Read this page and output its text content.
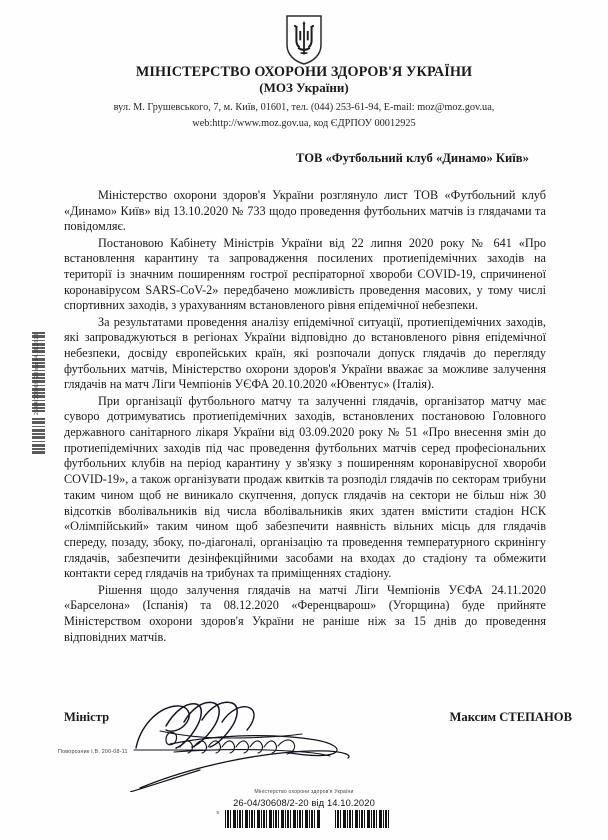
МІНІСТЕРСТВО ОХОРОНИ ЗДОРОВ'Я УКРАЇНИ
(МОЗ України)
вул. М. Грушевського, 7, м. Київ, 01601, тел. (044) 253-61-94, E-mail: moz@moz.gov.ua,
web:http://www.moz.gov.ua, код ЄДРПОУ 00012925
ТОВ «Футбольний клуб «Динамо» Київ»

Міністерство охорони здоров'я України розглянуло лист ТОВ «Футбольний клуб «Динамо» Київ» від 13.10.2020 № 733 щодо проведення футбольних матчів із глядачами та повідомляє.

Постановою Кабінету Міністрів України від 22 липня 2020 року № 641 «Про встановлення карантину та запровадження посилених протиепідемічних заходів на території із значним поширенням гострої респіраторної хвороби COVID-19, спричиненої коронавірусом SARS-CoV-2» передбачено можливість проведення масових, у тому числі спортивних заходів, з урахуванням встановленого рівня епідемічної небезпеки.

За результатами проведення аналізу епідемічної ситуації, протиепідемічних заходів, які запроваджуються в регіонах України відповідно до встановленого рівня епідемічної небезпеки, досвіду європейських країн, які розпочали допуск глядачів до перегляду футбольних матчів, Міністерство охорони здоров'я України вважає за можливе залучення глядачів на матч Ліги Чемпіонів УЄФА 20.10.2020 «Ювентус» (Італія).

При організації футбольного матчу та залученні глядачів, організатор матчу має суворо дотримуватись протиепідемічних заходів, встановлених постановою Головного державного санітарного лікаря України від 03.09.2020 року № 51 «Про внесення змін до протиепідемічних заходів під час проведення футбольних матчів серед професіональних футбольних клубів на період карантину у зв'язку з поширенням коронавірусної хвороби COVID-19», а також організувати продаж квитків та розподіл глядачів по секторам трибуни таким чином щоб не виникало скупчення, допуск глядачів на сектори не більш ніж 30 відсотків вболівальників від числа вболівальників яких здатен вмістити стадіон НСК «Олімпійський» таким чином щоб забезпечити наявність вільних місць для глядачів спереду, позаду, збоку, по-діагоналі, організацію та проведення температурного скринінгу глядачів, забезпечити дезінфекційними засобами на входах до стадіону та обмежити контакти серед глядачів на трибунах та приміщеннях стадіону.

Рішення щодо залучення глядачів на матчі Ліги Чемпіонів УЄФА 24.11.2020 «Барселона» (Іспанія) та 08.12.2020 «Ференцварош» (Угорщина) буде прийняте Міністерством охорони здоров'я України не раніше ніж за 15 днів до проведення відповідних матчів.

26-04/30608/2-20 від 14.10.2020
Міністр	Максим СТЕПАНОВ
Поворозник І.В. 200-08-11
Міністерство охорони здоров'я України
26-04/30608/2-20 від 14.10.2020
5
